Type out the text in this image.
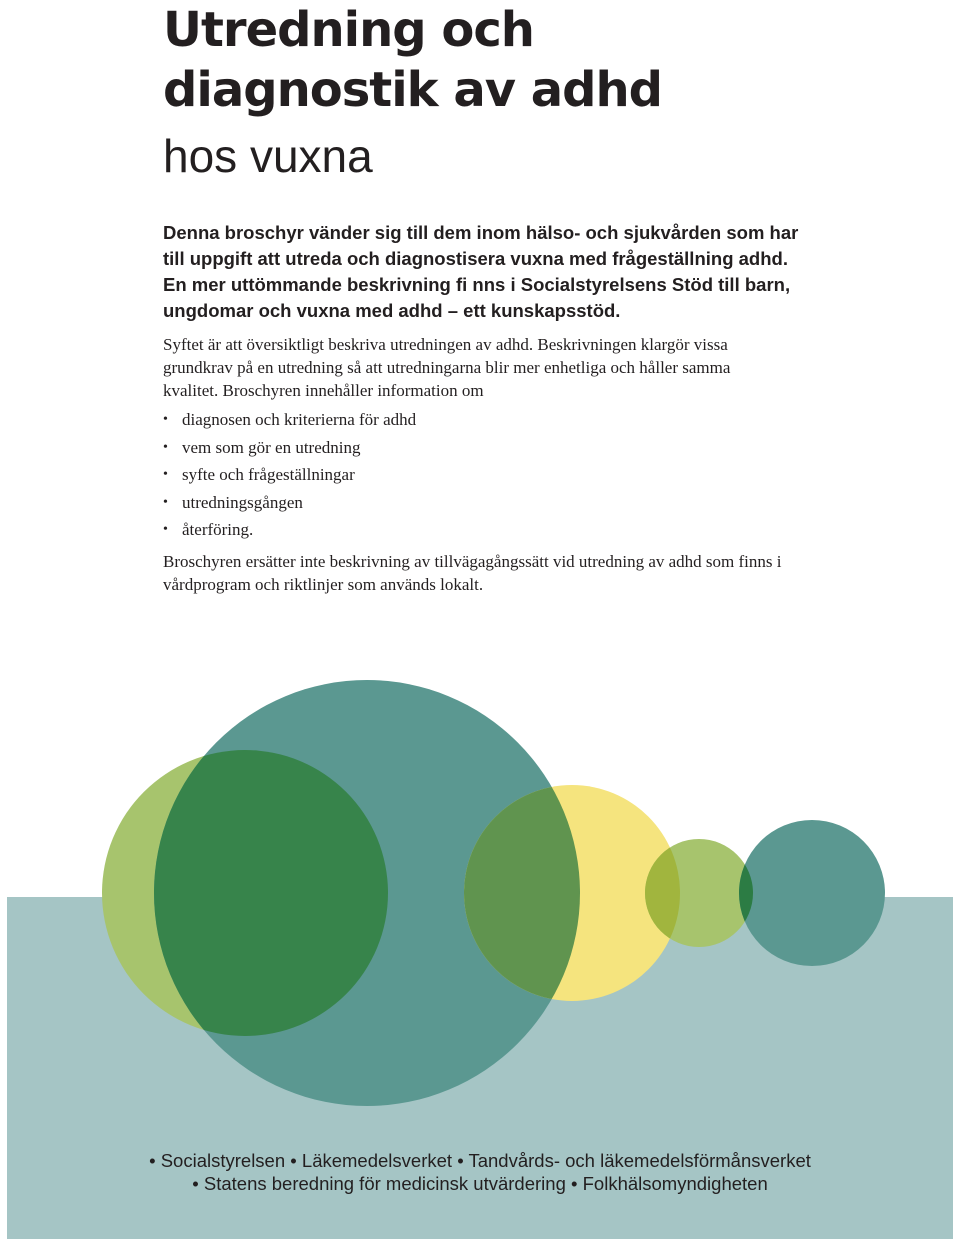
Utredning och
diagnostik av adhd
hos vuxna

Denna broschyr vänder sig till dem inom hälso- och sjukvården som har till uppgift att utreda och diagnostisera vuxna med frågeställning adhd. En mer uttömmande beskrivning fi nns i Socialstyrelsens Stöd till barn, ungdomar och vuxna med adhd – ett kunskapsstöd.

Syftet är att översiktligt beskriva utredningen av adhd. Beskrivningen klargör vissa grundkrav på en utredning så att utredningarna blir mer enhetliga och håller samma kvalitet. Broschyren innehåller information om

• diagnosen och kriterierna för adhd
• vem som gör en utredning
• syfte och frågeställningar
• utredningsgången
• återföring.

Broschyren ersätter inte beskrivning av tillvägagångssätt vid utredning av adhd som finns i vårdprogram och riktlinjer som används lokalt.

• Socialstyrelsen • Läkemedelsverket • Tandvårds- och läkemedelsförmånsverket
• Statens beredning för medicinsk utvärdering • Folkhälsomyndigheten
